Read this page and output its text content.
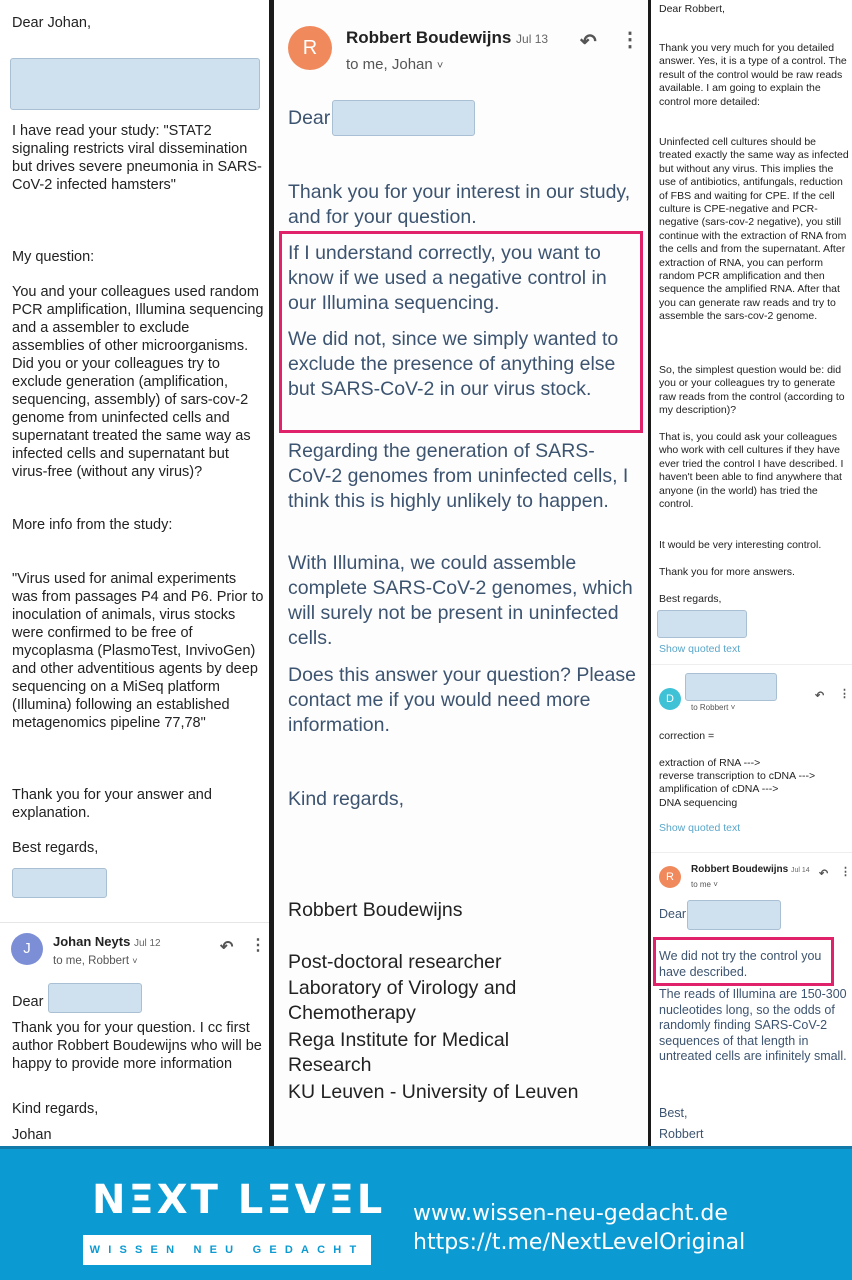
Dear Johan,
I have read your study: "STAT2 signaling restricts viral dissemination but drives severe pneumonia in SARS-CoV-2 infected hamsters"
My question:
You and your colleagues used random PCR amplification, Illumina sequencing and a assembler to exclude assemblies of other microorganisms. Did you or your colleagues try to exclude generation (amplification, sequencing, assembly) of sars-cov-2 genome from uninfected cells and supernatant treated the same way as infected cells and supernatant but virus-free (without any virus)?
More info from the study:
"Virus used for animal experiments was from passages P4 and P6. Prior to inoculation of animals, virus stocks were confirmed to be free of mycoplasma (PlasmoTest, InvivoGen) and other adventitious agents by deep sequencing on a MiSeq platform (Illumina) following an established metagenomics pipeline 77,78"
Thank you for your answer and explanation.
Best regards,
J	Johan Neyts Jul 12
to me, Robbert ˅
↶ ⋮
Dear
Thank you for your question. I cc first author Robbert Boudewijns who will be happy to provide more information
Kind regards,
Johan
R	Robbert Boudewijns Jul 13
to me, Johan ˅
↶ ⋮
Dear
Thank you for your interest in our study, and for your question.
If I understand correctly, you want to know if we used a negative control in our Illumina sequencing.
We did not, since we simply wanted to exclude the presence of anything else but SARS-CoV-2 in our virus stock.
Regarding the generation of SARS-CoV-2 genomes from uninfected cells, I think this is highly unlikely to happen.
With Illumina, we could assemble complete SARS-CoV-2 genomes, which will surely not be present in uninfected cells.
Does this answer your question? Please contact me if you would need more information.
Kind regards,
Robbert Boudewijns
Post-doctoral researcher
Laboratory of Virology and Chemotherapy
Rega Institute for Medical Research
KU Leuven - University of Leuven
Dear Robbert,
Thank you very much for you detailed answer. Yes, it is a type of a control. The result of the control would be raw reads available. I am going to explain the control more detailed:
Uninfected cell cultures should be treated exactly the same way as infected but without any virus. This implies the use of antibiotics, antifungals, reduction of FBS and waiting for CPE. If the cell culture is CPE-negative and PCR-negative (sars-cov-2 negative), you still continue with the extraction of RNA from the cells and from the supernatant. After extraction of RNA, you can perform random PCR amplification and then sequence the amplified RNA. After that you can generate raw reads and try to assemble the sars-cov-2 genome.
So, the simplest question would be: did you or your colleagues try to generate raw reads from the control (according to my description)?
That is, you could ask your colleagues who work with cell cultures if they have ever tried the control I have described. I haven't been able to find anywhere that anyone (in the world) has tried the control.
It would be very interesting control.
Thank you for more answers.
Best regards,
Show quoted text
D
to Robbert ˅
↶ ⋮
correction =
extraction of RNA --->
reverse transcription to cDNA --->
amplification of cDNA --->
DNA sequencing
Show quoted text
R
Robbert Boudewijns Jul 14
to me ˅
↶ ⋮
Dear
We did not try the control you have described.
The reads of Illumina are 150-300 nucleotides long, so the odds of randomly finding SARS-CoV-2 sequences of that length in untreated cells are infinitely small.
Best,
Robbert
NΞXT LΞVΞL
WISSEN NEU GEDACHT
www.wissen-neu-gedacht.de
https://t.me/NextLevelOriginal
